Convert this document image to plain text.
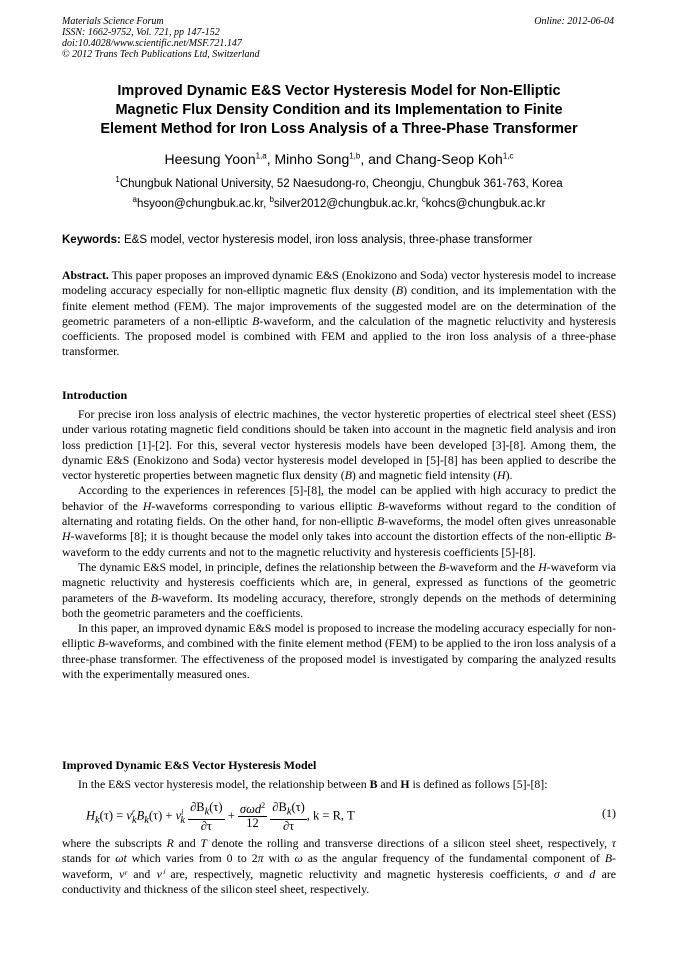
Materials Science Forum
ISSN: 1662-9752, Vol. 721, pp 147-152
doi:10.4028/www.scientific.net/MSF.721.147
© 2012 Trans Tech Publications Ltd, Switzerland
Online: 2012-06-04
Improved Dynamic E&S Vector Hysteresis Model for Non-Elliptic
Magnetic Flux Density Condition and its Implementation to Finite
Element Method for Iron Loss Analysis of a Three-Phase Transformer
Heesung Yoon$^{1,a}$, Minho Song$^{1,b}$, and Chang-Seop Koh$^{1,c}$
$^1$Chungbuk National University, 52 Naesudong-ro, Cheongju, Chungbuk 361-763, Korea
$^a$hsyoon@chungbuk.ac.kr, $^b$silver2012@chungbuk.ac.kr, $^c$kohcs@chungbuk.ac.kr
Keywords: E&S model, vector hysteresis model, iron loss analysis, three-phase transformer

Abstract. This paper proposes an improved dynamic E&S (Enokizono and Soda) vector hysteresis model to increase modeling accuracy especially for non-elliptic magnetic flux density (B) condition, and its implementation with the finite element method (FEM). The major improvements of the suggested model are on the determination of the geometric parameters of a non-elliptic B-waveform, and the calculation of the magnetic reluctivity and hysteresis coefficients. The proposed model is combined with FEM and applied to the iron loss analysis of a three-phase transformer.

Introduction

For precise iron loss analysis of electric machines, the vector hysteretic properties of electrical steel sheet (ESS) under various rotating magnetic field conditions should be taken into account in the magnetic field analysis and iron loss prediction [1]-[2]. For this, several vector hysteresis models have been developed [3]-[8]. Among them, the dynamic E&S (Enokizono and Soda) vector hysteresis model developed in [5]-[8] has been applied to describe the vector hysteretic properties between magnetic flux density (B) and magnetic field intensity (H).

According to the experiences in references [5]-[8], the model can be applied with high accuracy to predict the behavior of the H-waveforms corresponding to various elliptic B-waveforms without regard to the condition of alternating and rotating fields. On the other hand, for non-elliptic B-waveforms, the model often gives unreasonable H-waveforms [8]; it is thought because the model only takes into account the distortion effects of the non-elliptic B-waveform to the eddy currents and not to the magnetic reluctivity and hysteresis coefficients [5]-[8].

The dynamic E&S model, in principle, defines the relationship between the B-waveform and the H-waveform via magnetic reluctivity and hysteresis coefficients which are, in general, expressed as functions of the geometric parameters of the B-waveform. Its modeling accuracy, therefore, strongly depends on the methods of determining both the geometric parameters and the coefficients.

In this paper, an improved dynamic E&S model is proposed to increase the modeling accuracy especially for non-elliptic B-waveforms, and combined with the finite element method (FEM) to be applied to the iron loss analysis of a three-phase transformer. The effectiveness of the proposed model is investigated by comparing the analyzed results with the experimentally measured ones.

Improved Dynamic E&S Vector Hysteresis Model

In the E&S vector hysteresis model, the relationship between B and H is defined as follows [5]-[8]:

$H_k(\tau) = \nu^r_kB_k(\tau) + \nu^i_k \frac{\partial B_k(\tau)}{\partial\tau} + \frac{\sigma\omega d^2}{12}$
$\frac{\partial B_k(\tau)}{\partial\tau}$ , k = R, T	(1)

where the subscripts R and T denote the rolling and transverse directions of a silicon steel sheet, respectively, τ stands for ωt which varies from 0 to 2π with ω as the angular frequency of the fundamental component of B-waveform, νʳ and νⁱ are, respectively, magnetic reluctivity and magnetic hysteresis coefficients, σ and d are conductivity and thickness of the silicon steel sheet, respectively.
